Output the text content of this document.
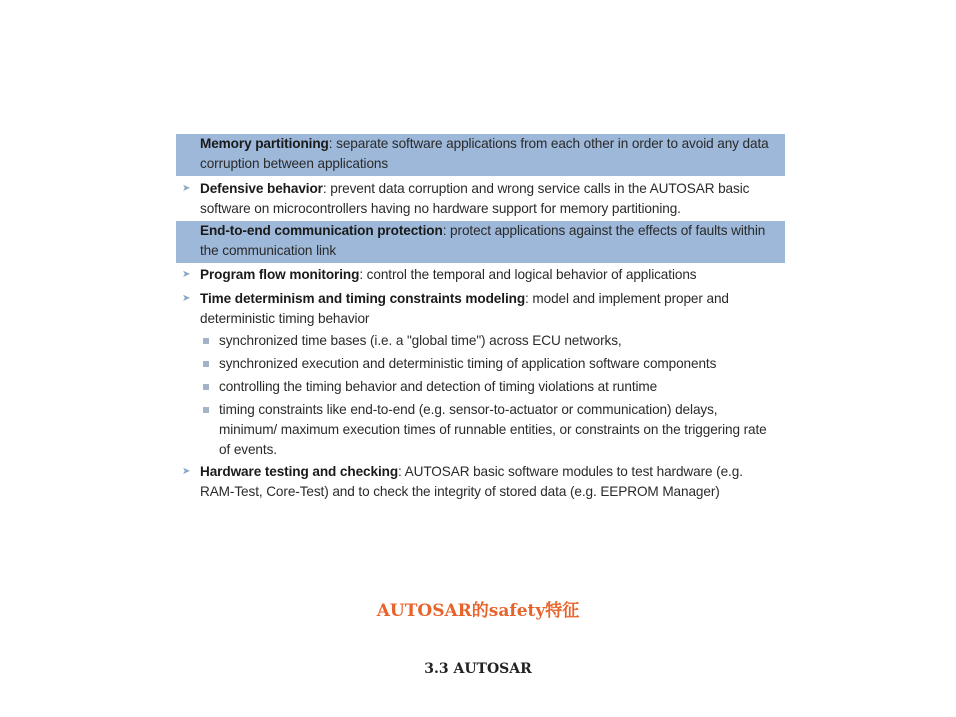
Memory partitioning: separate software applications from each other in order to avoid any data corruption between applications
➤ Defensive behavior: prevent data corruption and wrong service calls in the AUTOSAR basic software on microcontrollers having no hardware support for memory partitioning.
End-to-end communication protection: protect applications against the effects of faults within the communication link
➤ Program flow monitoring: control the temporal and logical behavior of applications
➤ Time determinism and timing constraints modeling: model and implement proper and deterministic timing behavior
synchronized time bases (i.e. a "global time") across ECU networks,
synchronized execution and deterministic timing of application software components
controlling the timing behavior and detection of timing violations at runtime
timing constraints like end-to-end (e.g. sensor-to-actuator or communication) delays, minimum/ maximum execution times of runnable entities, or constraints on the triggering rate of events.
➤ Hardware testing and checking: AUTOSAR basic software modules to test hardware (e.g. RAM-Test, Core-Test) and to check the integrity of stored data (e.g. EEPROM Manager)
AUTOSAR的safety特征
3.3 AUTOSAR
